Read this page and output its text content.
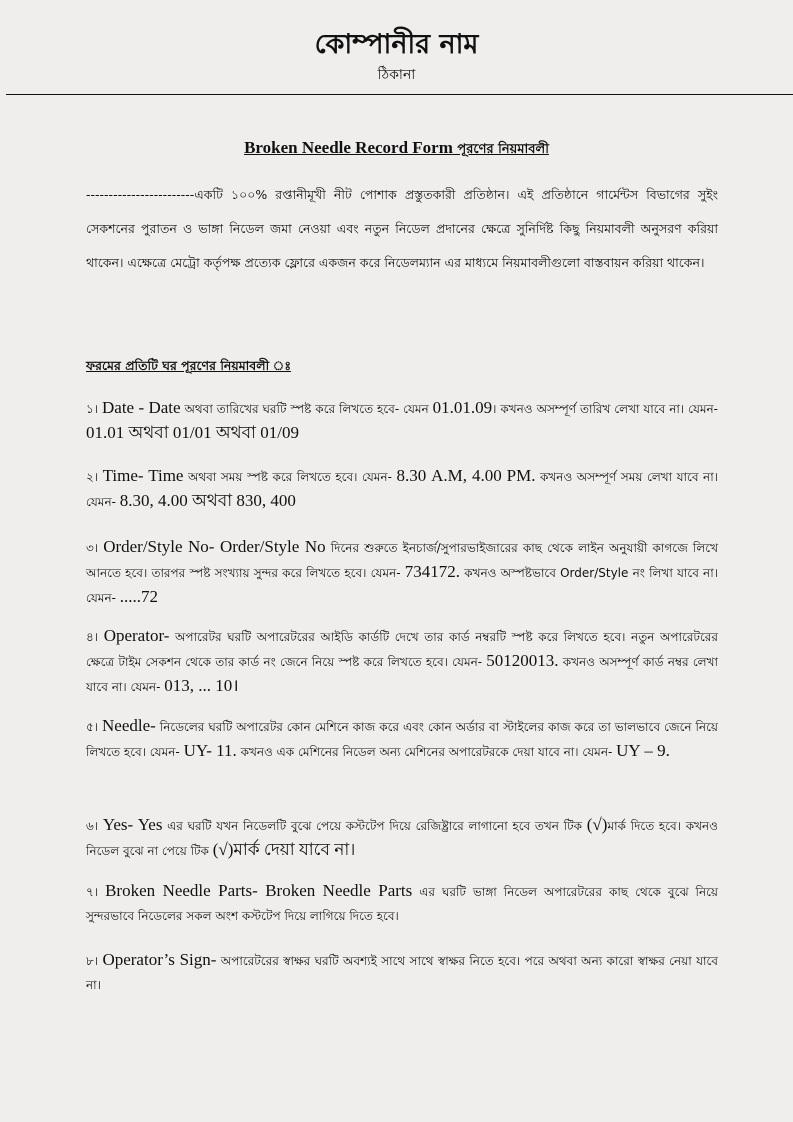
কোম্পানীর নাম
ঠিকানা
Broken Needle Record Form পূরণের নিয়মাবলী
------------------------একটি ১০০% রপ্তানীমূখী নীট পোশাক প্রস্তুতকারী প্রতিষ্ঠান। এই প্রতিষ্ঠানে গার্মেন্টস বিভাগের সুইং সেকশনের পুরাতন ও ভাঙ্গা নিডেল জমা নেওয়া এবং নতুন নিডেল প্রদানের ক্ষেত্রে সুনির্দিষ্ট কিছু নিয়মাবলী অনুসরণ করিয়া থাকেন। এক্ষেত্রে মেট্রো কর্তৃপক্ষ প্রত্যেক ফ্লোরে একজন করে নিডেলম্যান এর মাধ্যমে নিয়মাবলীগুলো বাস্তবায়ন করিয়া থাকেন।
ফরমের প্রতিটি ঘর পূরণের নিয়মাবলী ঃ
১। Date - Date অথবা তারিখের ঘরটি স্পষ্ট করে লিখতে হবে- যেমন 01.01.09। কখনও অসম্পূর্ণ তারিখ লেখা যাবে না। যেমন- 01.01 অথবা 01/01 অথবা 01/09
২। Time- Time অথবা সময় স্পষ্ট করে লিখতে হবে। যেমন- 8.30 A.M, 4.00 PM. কখনও অসম্পূর্ণ সময় লেখা যাবে না। যেমন- 8.30, 4.00 অথবা 830, 400
৩। Order/Style No- Order/Style No দিনের শুরুতে ইনচার্জ/সুপারভাইজারের কাছ থেকে লাইন অনুযায়ী কাগজে লিখে আনতে হবে। তারপর স্পষ্ট সংখ্যায় সুন্দর করে লিখতে হবে। যেমন- 734172. কখনও অস্পষ্টভাবে Order/Style নং লিখা যাবে না। যেমন- .....72
৪। Operator- অপারেটর ঘরটি অপারেটরের আইডি কার্ডটি দেখে তার কার্ড নম্বরটি স্পষ্ট করে লিখতে হবে। নতুন অপারেটরের ক্ষেত্রে টাইম সেকশন থেকে তার কার্ড নং জেনে নিয়ে স্পষ্ট করে লিখতে হবে। যেমন- 50120013. কখনও অসম্পূর্ণ কার্ড নম্বর লেখা যাবে না। যেমন- 013, ... 10।
৫। Needle- নিডেলের ঘরটি অপারেটর কোন মেশিনে কাজ করে এবং কোন অর্ডার বা স্টাইলের কাজ করে তা ভালভাবে জেনে নিয়ে লিখতে হবে। যেমন- UY- 11. কখনও এক মেশিনের নিডেল অন্য মেশিনের অপারেটরকে দেয়া যাবে না। যেমন- UY – 9.
৬। Yes- Yes এর ঘরটি যখন নিডেলটি বুঝে পেয়ে কস্টটেপ দিয়ে রেজিষ্ট্রারে লাগানো হবে তখন টিক (√)মার্ক দিতে হবে। কখনও নিডেল বুঝে না পেয়ে টিক (√)মার্ক দেয়া যাবে না।
৭। Broken Needle Parts- Broken Needle Parts এর ঘরটি ভাঙ্গা নিডেল অপারেটরের কাছ থেকে বুঝে নিয়ে সুন্দরভাবে নিডেলের সকল অংশ কস্টটেপ দিয়ে লাগিয়ে দিতে হবে।
৮। Operator’s Sign- অপারেটরের স্বাক্ষর ঘরটি অবশ্যই সাথে সাথে স্বাক্ষর নিতে হবে। পরে অথবা অন্য কারো স্বাক্ষর নেয়া যাবে না।
